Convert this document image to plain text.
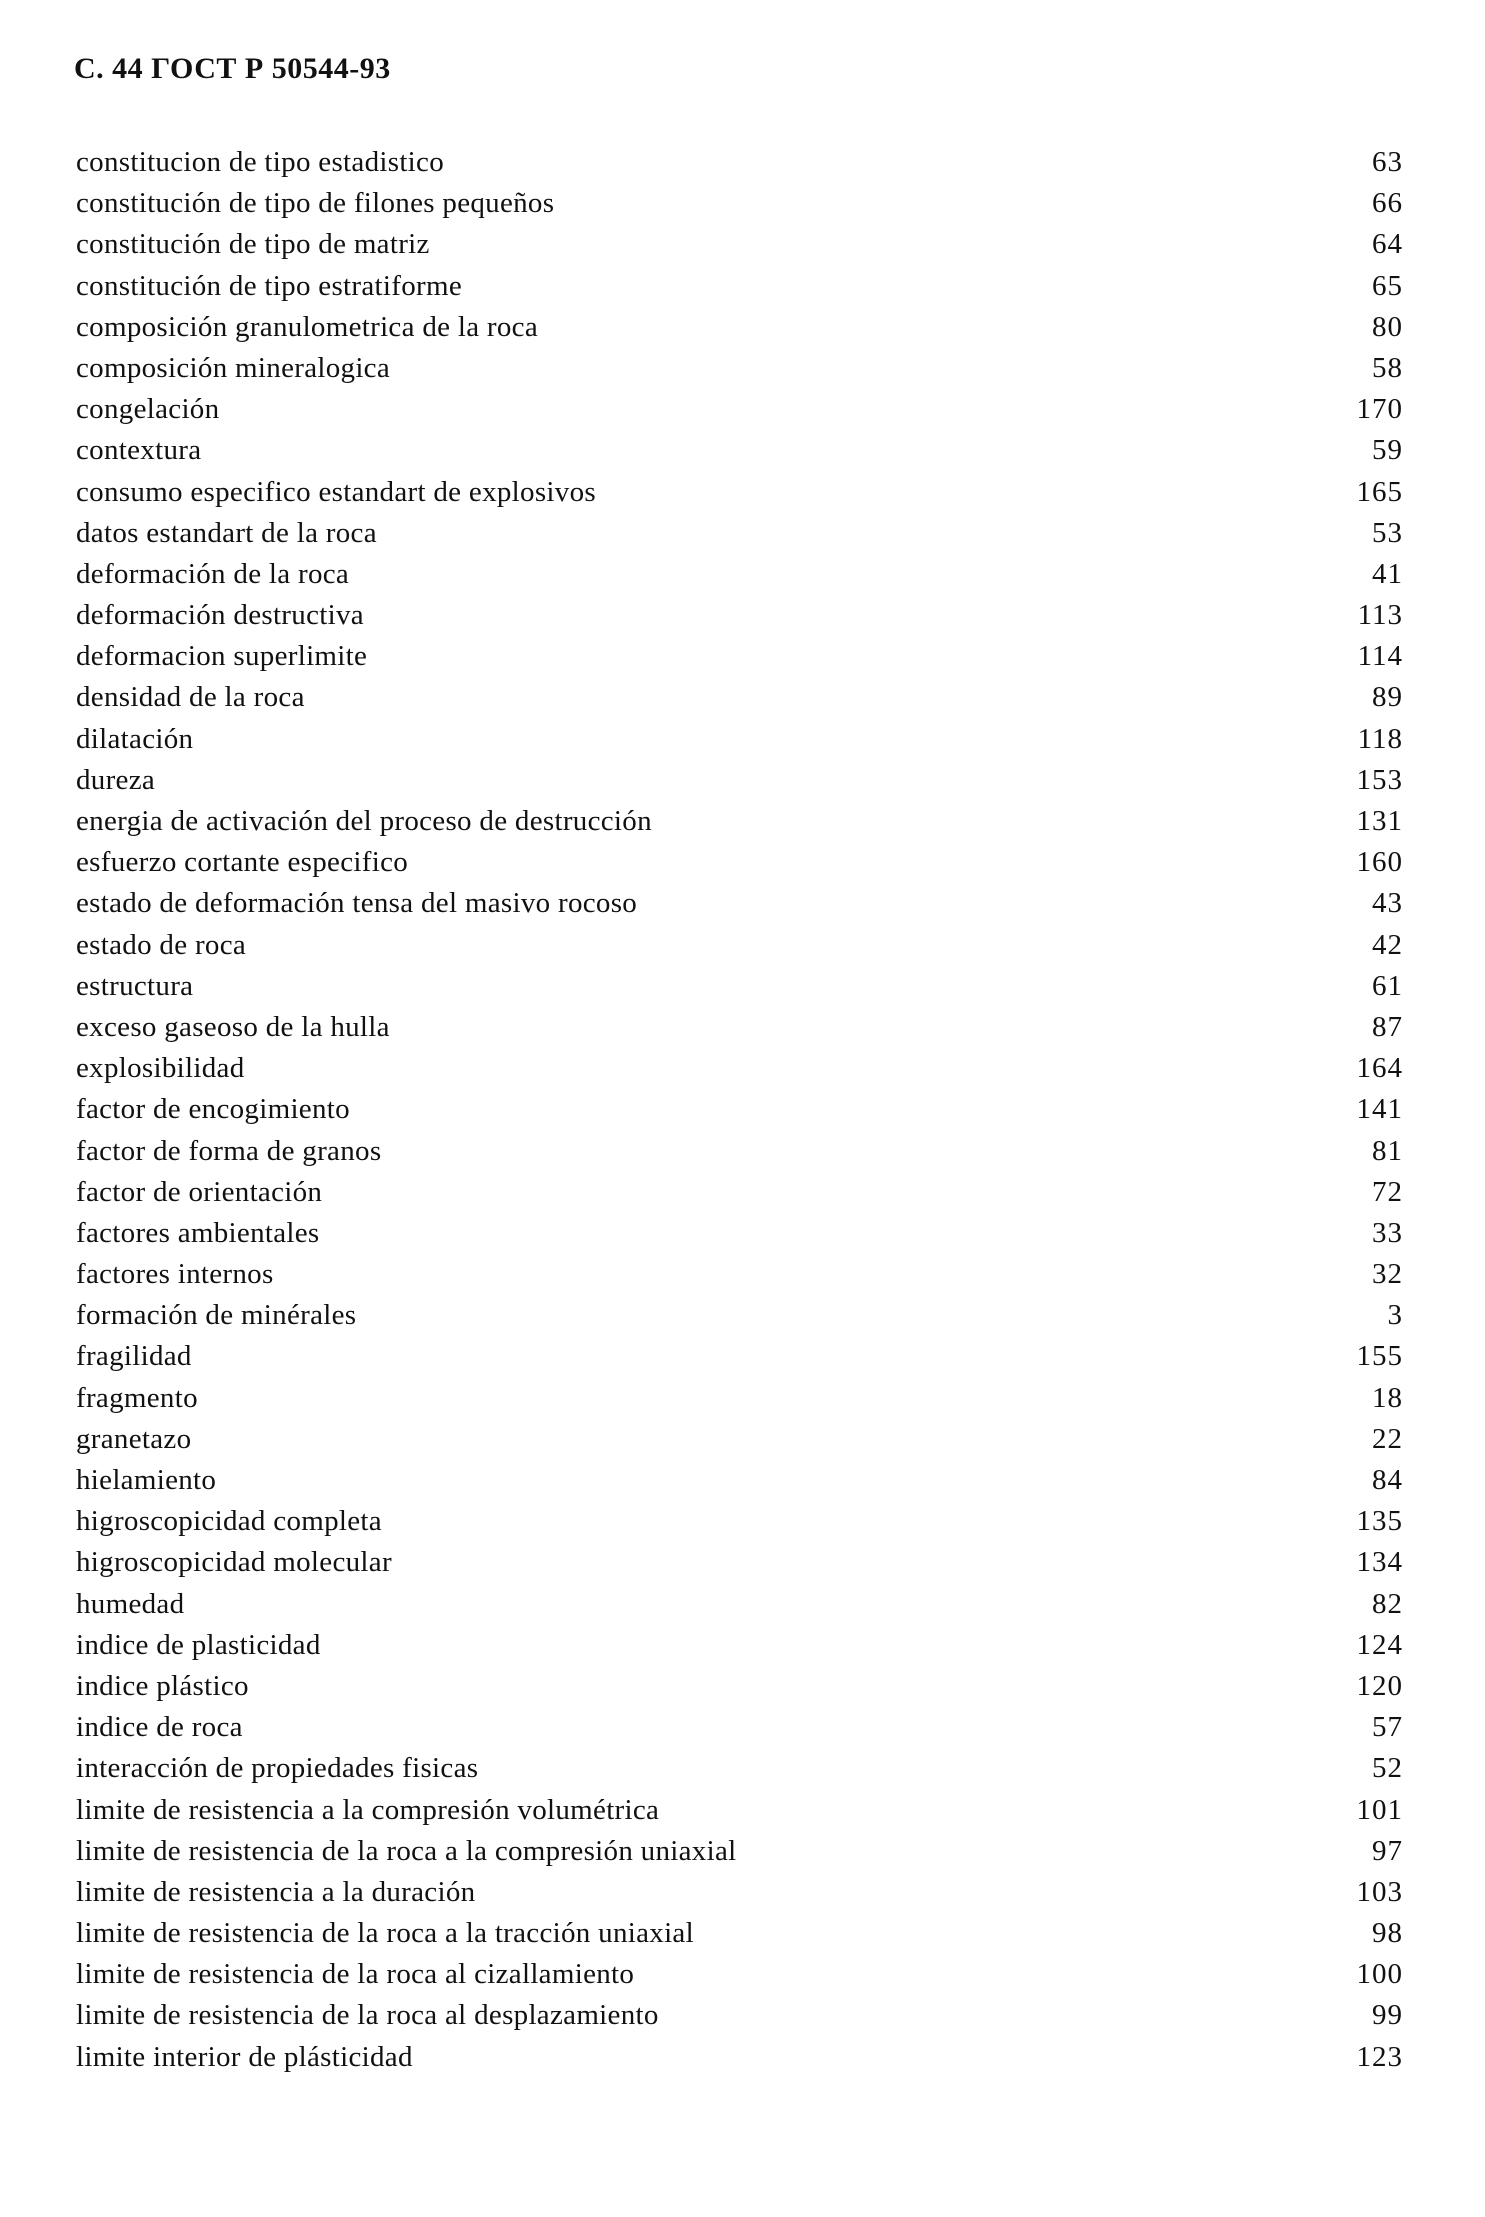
С. 44 ГОСТ Р 50544-93
constitucion de tipo estadistico	63
constitución de tipo de filones pequeños	66
constitución de tipo de matriz	64
constitución de tipo estratiforme	65
composición granulometrica de la roca	80
composición mineralogica	58
congelación	170
contextura	59
consumo especifico estandart de explosivos	165
datos estandart de la roca	53
deformación de la roca	41
deformación destructiva	113
deformacion superlimite	114
densidad de la roca	89
dilatación	118
dureza	153
energia de activación del proceso de destrucción	131
esfuerzo cortante especifico	160
estado de deformación tensa del masivo rocoso	43
estado de roca	42
estructura	61
exceso gaseoso de la hulla	87
explosibilidad	164
factor de encogimiento	141
factor de forma de granos	81
factor de orientación	72
factores ambientales	33
factores internos	32
formación de minérales	3
fragilidad	155
fragmento	18
granetazo	22
hielamiento	84
higroscopicidad completa	135
higroscopicidad molecular	134
humedad	82
indice de plasticidad	124
indice plástico	120
indice de roca	57
interacción de propiedades fisicas	52
limite de resistencia a la compresión volumétrica	101
limite de resistencia de la roca a la compresión uniaxial	97
limite de resistencia a la duración	103
limite de resistencia de la roca a la tracción uniaxial	98
limite de resistencia de la roca al cizallamiento	100
limite de resistencia de la roca al desplazamiento	99
limite interior de plásticidad	123
